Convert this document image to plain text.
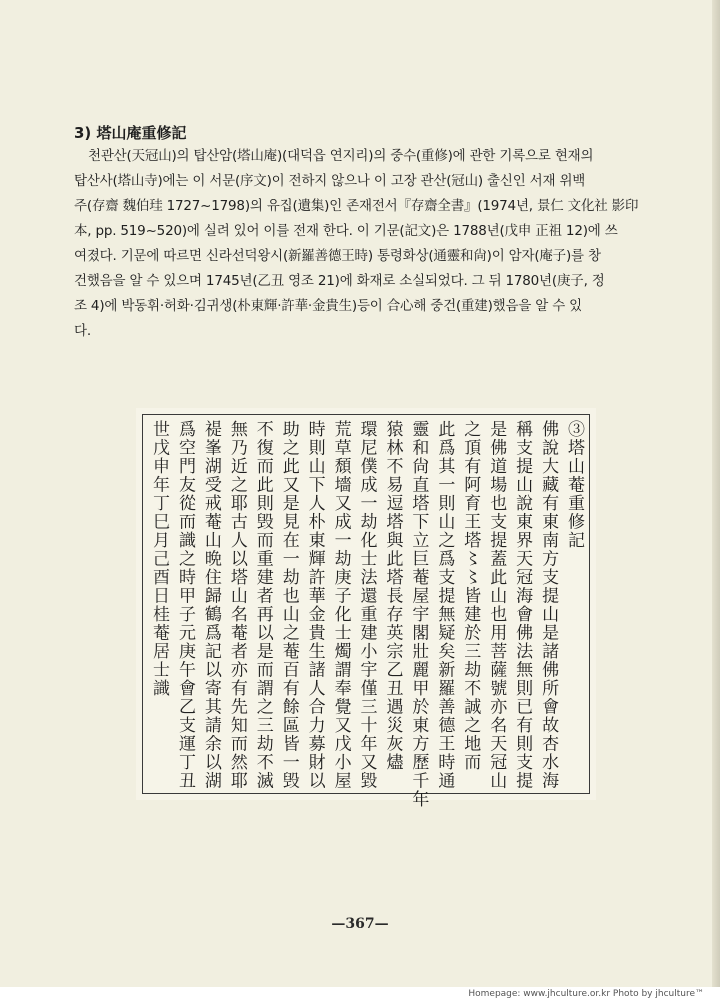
3) 塔山庵重修記
천관산(天冠山)의 탑산암(塔山庵)(대덕읍 연지리)의 중수(重修)에 관한 기록으로 현재의
탑산사(塔山寺)에는 이 서문(序文)이 전하지 않으나 이 고장 관산(冠山) 출신인 서재 위백
주(存齋 魏伯珪 1727~1798)의 유집(遺集)인 존재전서『存齋全書』(1974년, 景仁 文化社 影印
本, pp. 519~520)에 실려 있어 이를 전재 한다. 이 기문(記文)은 1788년(戊申 正祖 12)에 쓰
여졌다. 기문에 따르면 신라선덕왕시(新羅善德王時) 통령화상(通靈和尙)이 암자(庵子)를 창
건했음을 알 수 있으며 1745년(乙丑 영조 21)에 화재로 소실되었다. 그 뒤 1780년(庚子, 정
조 4)에 박동휘·허화·김귀생(朴東輝·許華·金貴生)등이 合心해 중건(重建)했음을 알 수 있
다.
③塔山菴重修記
佛說大藏有東南方支提山是諸佛所會故杏水海
稱支提山說東界天冠海會佛法無則已有則支提
是佛道場也支提蓋此山也用菩薩號亦名天冠山
之頂有阿育王塔〻〻皆建於三劫不誠之地而
此爲其一則山之爲支提無疑矣新羅善德王時通
靈和尙直塔下立巨菴屋宇閣壯麗甲於東方歷千年
猿林不易逗塔與此塔長存英宗乙丑遇災灰燼
環尼僕成一劫化士法還重建小宇僅三十年又毀
荒草頹墻又成一劫庚子化士燭謂奉覺又戊小屋
時則山下人朴東輝許華金貴生諸人合力募財以
助之此又是見在一劫也山之菴百有餘區皆一毁
不復而此則毁而重建者再以是而謂之三劫不滅
無乃近之耶古人以塔山名菴者亦有先知而然耶
禔峯湖受戒菴山晩住歸鶴爲記以寄其請余以湖
爲空門友從而識之時甲子元庚午會乙支運丁丑
世戊申年丁巳月己酉日桂菴居士識
—367—
Homepage: www.jhculture.or.kr Photo by jhculture™
